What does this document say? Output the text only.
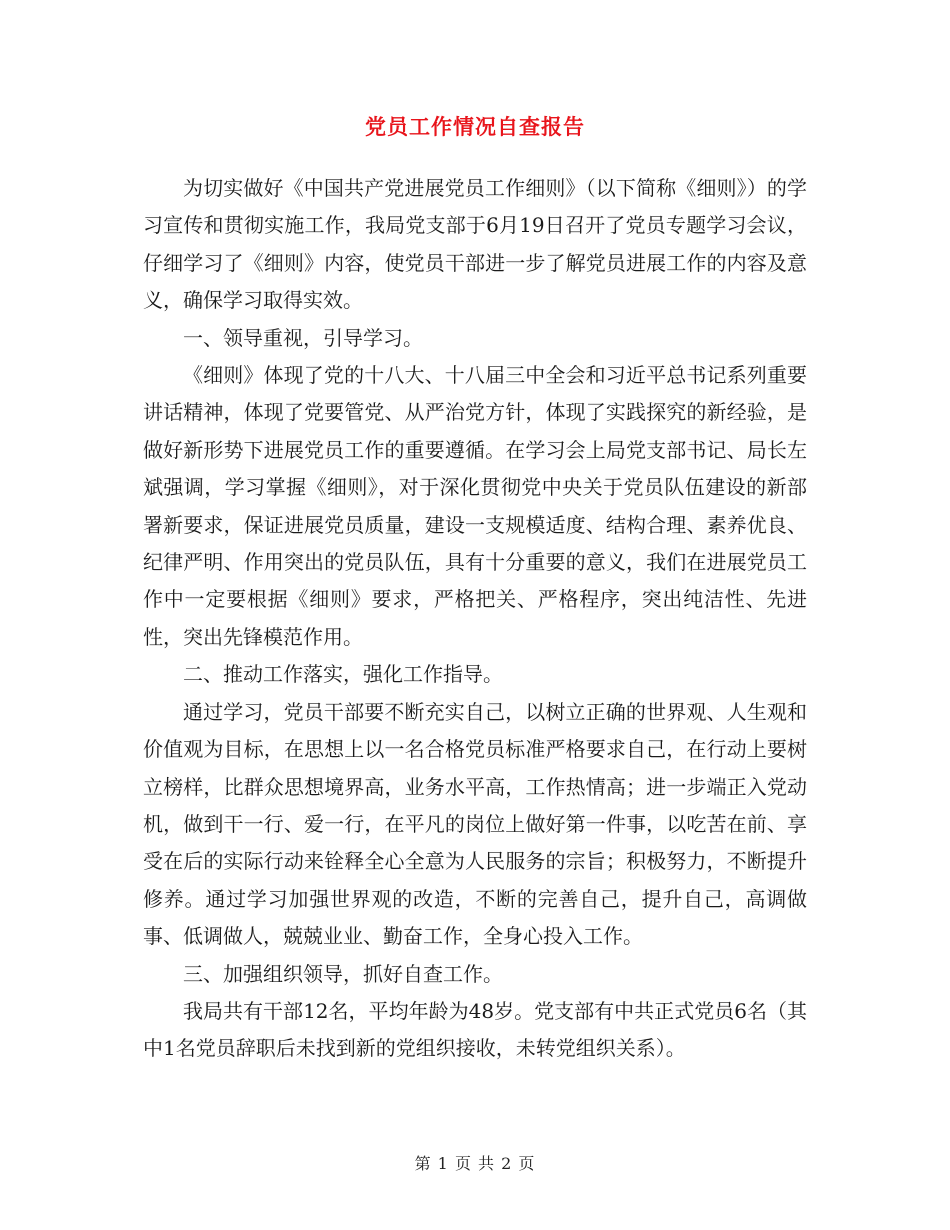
党员工作情况自查报告

为切实做好《中国共产党进展党员工作细则》（以下简称《细则》）的学习宣传和贯彻实施工作，我局党支部于6月19日召开了党员专题学习会议，仔细学习了《细则》内容，使党员干部进一步了解党员进展工作的内容及意义，确保学习取得实效。

一、领导重视，引导学习。

《细则》体现了党的十八大、十八届三中全会和习近平总书记系列重要讲话精神，体现了党要管党、从严治党方针，体现了实践探究的新经验，是做好新形势下进展党员工作的重要遵循。在学习会上局党支部书记、局长左斌强调，学习掌握《细则》，对于深化贯彻党中央关于党员队伍建设的新部署新要求，保证进展党员质量，建设一支规模适度、结构合理、素养优良、纪律严明、作用突出的党员队伍，具有十分重要的意义，我们在进展党员工作中一定要根据《细则》要求，严格把关、严格程序，突出纯洁性、先进性，突出先锋模范作用。

二、推动工作落实，强化工作指导。

通过学习，党员干部要不断充实自己，以树立正确的世界观、人生观和价值观为目标，在思想上以一名合格党员标准严格要求自己，在行动上要树立榜样，比群众思想境界高，业务水平高，工作热情高；进一步端正入党动机，做到干一行、爱一行，在平凡的岗位上做好第一件事，以吃苦在前、享受在后的实际行动来铨释全心全意为人民服务的宗旨；积极努力，不断提升修养。通过学习加强世界观的改造，不断的完善自己，提升自己，高调做事、低调做人，兢兢业业、勤奋工作，全身心投入工作。

三、加强组织领导，抓好自查工作。

我局共有干部12名，平均年龄为48岁。党支部有中共正式党员6名（其中1名党员辞职后未找到新的党组织接收，未转党组织关系）。

第 1 页 共 2 页
